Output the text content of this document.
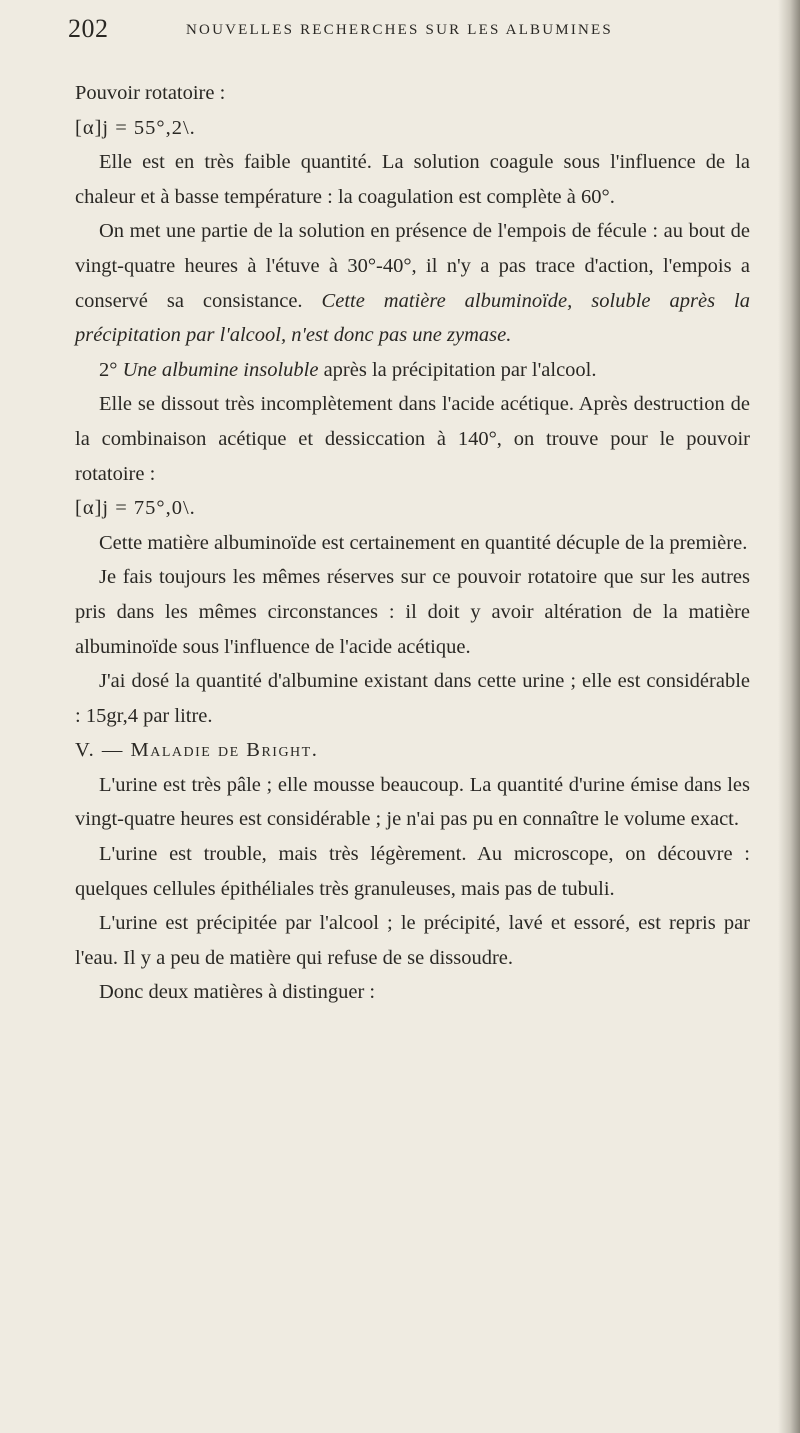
202	NOUVELLES RECHERCHES SUR LES ALBUMINES

Pouvoir rotatoire :

[α]j = 55°,2\.

Elle est en très faible quantité. La solution coagule sous l'influence de la chaleur et à basse température : la coagulation est complète à 60°.

On met une partie de la solution en présence de l'empois de fécule : au bout de vingt-quatre heures à l'étuve à 30°-40°, il n'y a pas trace d'action, l'empois a conservé sa consistance. Cette matière albuminoïde, soluble après la précipitation par l'alcool, n'est donc pas une zymase.

2° Une albumine insoluble après la précipitation par l'alcool.

Elle se dissout très incomplètement dans l'acide acétique. Après destruction de la combinaison acétique et dessiccation à 140°, on trouve pour le pouvoir rotatoire :

[α]j = 75°,0\.

Cette matière albuminoïde est certainement en quantité décuple de la première.

Je fais toujours les mêmes réserves sur ce pouvoir rotatoire que sur les autres pris dans les mêmes circonstances : il doit y avoir altération de la matière albuminoïde sous l'influence de l'acide acétique.

J'ai dosé la quantité d'albumine existant dans cette urine ; elle est considérable : 15gr,4 par litre.

V. — Maladie de Bright.

L'urine est très pâle ; elle mousse beaucoup. La quantité d'urine émise dans les vingt-quatre heures est considérable ; je n'ai pas pu en connaître le volume exact.

L'urine est trouble, mais très légèrement. Au microscope, on découvre : quelques cellules épithéliales très granuleuses, mais pas de tubuli.

L'urine est précipitée par l'alcool ; le précipité, lavé et essoré, est repris par l'eau. Il y a peu de matière qui refuse de se dissoudre.

Donc deux matières à distinguer :
